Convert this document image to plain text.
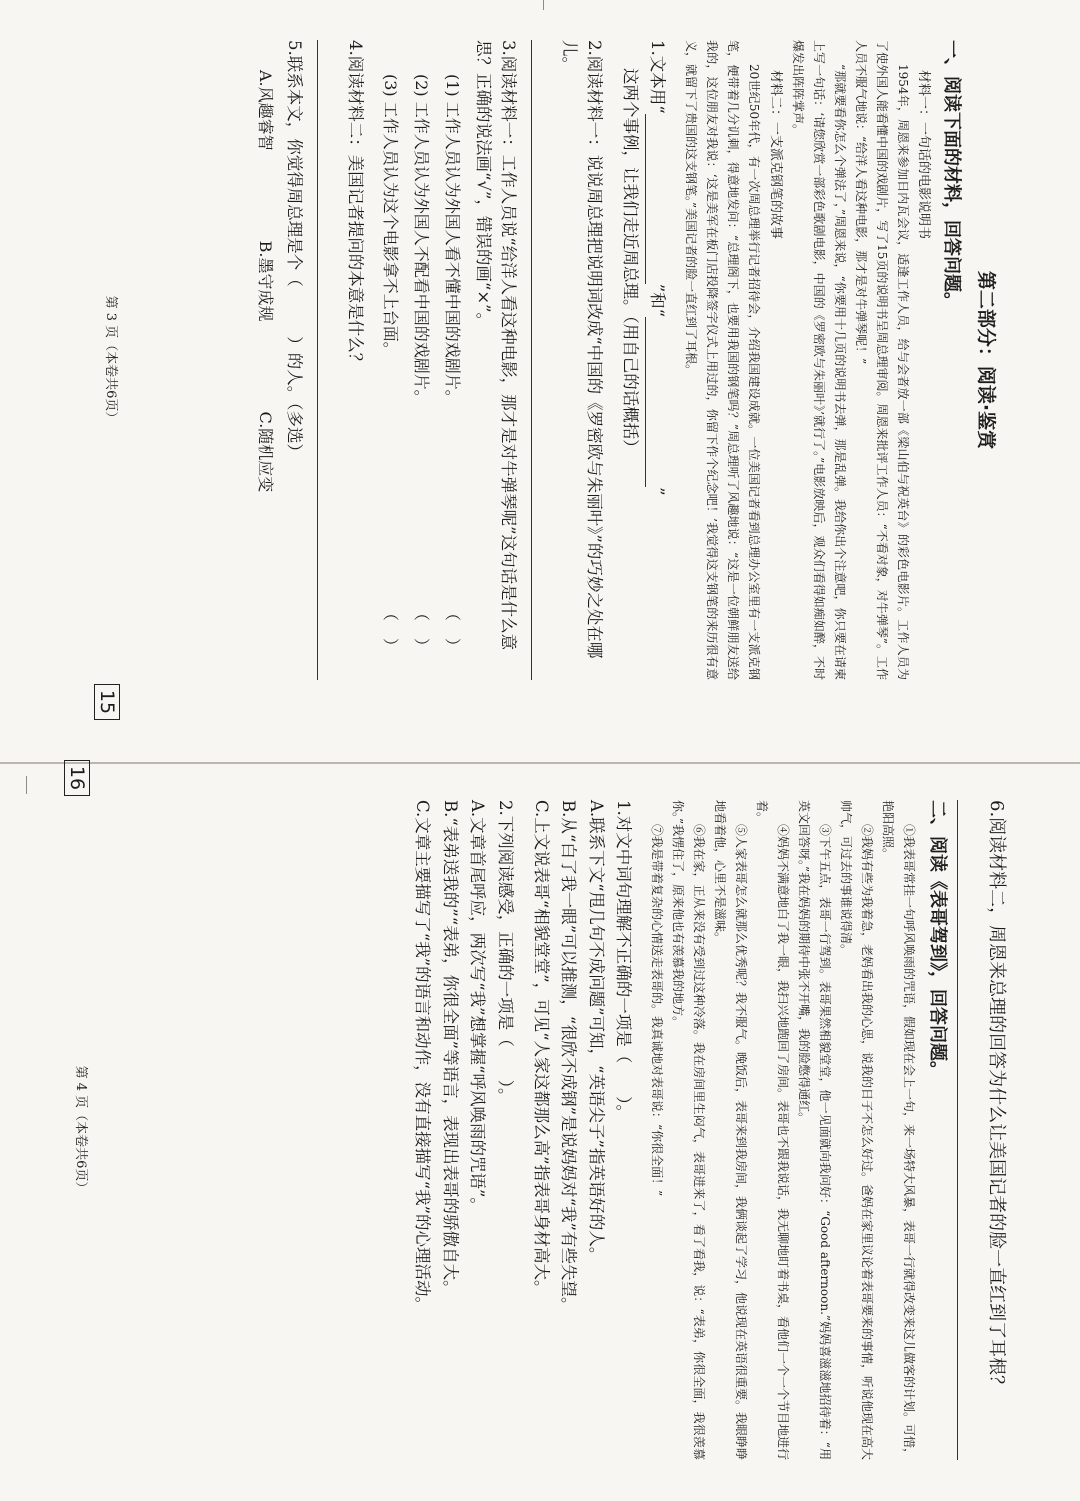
第二部分：阅读·鉴赏
一、阅读下面的材料，回答问题。
材料一：一句话的电影说明书

1954年，周恩来参加日内瓦会议，适逢工作人员，给与会者放一部《梁山伯与祝英台》的彩色电影片。工作人员为了使外国人能看懂中国的戏剧片，写了15页的说明书呈周总理审阅。周恩来批评工作人员：“不看对象，对牛弹琴”。工作人员不服气地说：“给洋人看这种电影，那才是对牛弹琴呢！”

“那就要看你怎么个弹法了，”周恩来说，“你要用十几页的说明书去弹，那是乱弹。我给你出个注意吧，你只要在请柬上写一句话：‘请您欣赏一部彩色歌剧电影，中国的《罗密欧与朱丽叶》’就行了。”电影放映后，观众们看得如痴如醉，不时爆发出阵阵掌声。

材料二：一支派克钢笔的故事

20世纪50年代，有一次周总理举行记者招待会，介绍我国建设成就。一位美国记者看到总理办公室里有一支派克钢笔，便带着几分讥刺，得意地发问：“总理阁下，也要用我国的钢笔吗？”周总理听了风趣地说：“这是一位朝鲜朋友送给我的，这位朋友对我说：‘这是美军在板门店投降签字仪式上用过的，你留下作个纪念吧！’我觉得这支钢笔的来历很有意义，就留下了贵国的这支钢笔。”美国记者的脸一直红到了耳根。

1.文本用“”和“”
这两个事例，让我们走近周总理。（用自己的话概括）
2.阅读材料一：说说周总理把说明词改成“中国的《罗密欧与朱丽叶》”的巧妙之处在哪儿。
3.阅读材料一：工作人员说“给洋人看这种电影，那才是对牛弹琴呢”这句话是什么意思？正确的说法画“√”，错误的画“×”。
(1) 工作人员认为外国人看不懂中国的戏剧片。
（ ）
(2) 工作人员认为外国人不配看中国的戏剧片。
（ ）
(3) 工作人员认为这个电影拿不上台面。
（ ）
4.阅读材料二：美国记者提问的本意是什么？
5.联系本文，你觉得周总理是个（　　　）的人。（多选）
A.风趣睿智
B.墨守成规
C.随机应变
第 3 页（本卷共6页）
15
6.阅读材料二，周恩来总理的回答为什么让美国记者的脸一直红到了耳根？
二、阅读《表哥驾到》，回答问题。

①我表哥常挂一句呼风唤雨的咒语，假如现在会上一句，来一场特大风暴，表哥一行就得改变来这儿做客的计划。可惜，艳阳高照。

②我妈有些为我着急，老妈看出我的心思，说我的日子不怎么好过。爸妈在家里议论着表哥要来的事情，听说他现在高大帅气，可过去的事谁说得清。

③下午五点，表哥一行驾到。表哥果然相貌堂堂，他一见面就向我问好：“Good afternoon.”妈妈喜滋滋地招待着：“用英文回答呀。”我在妈妈的期待中张不开嘴，我的脸憋得通红。

④妈妈不满意地白了我一眼，我扫兴地跑回了房间。表哥也不跟我说话，我无聊地盯着书桌，看他们一个一个节目地进行着。

⑤人家表哥怎么就那么优秀呢？我不服气。晚饭后，表哥来到我房间，我俩谈起了学习，他说现在英语很重要。我眼睁睁地看着他，心里不是滋味。

⑥我在家，正从来没有受到过这种冷落。我在房间里生闷气，表哥进来了，看了看我，说：“表弟，你很全面，我很羡慕你。”我愣住了，原来他也有羡慕我的地方。

⑦我是带着复杂的心情送走表哥的。我真诚地对表哥说：“你很全面！”

1.对文中词句理解不正确的一项是（　　）。
A.联系下文“甩几句不成问题”可知，“英语尖子”指英语好的人。
B.从“白了我一眼”可以推测，“很欣不成钢”是说妈妈对“我”有些失望。
C.上文说表哥“相貌堂堂”，可见“人家这都那么高”指表哥身材高大。
2.下列阅读感受，正确的一项是（　　）。
A.文章首尾呼应，两次写“我”想掌握“呼风唤雨的咒语”。
B.“表弟送我的”“表弟，你很全面”等语言，表现出表哥的骄傲自大。
C.文章主要描写了“我”的语言和动作，没有直接描写“我”的心理活动。
第 4 页（本卷共6页）
16
